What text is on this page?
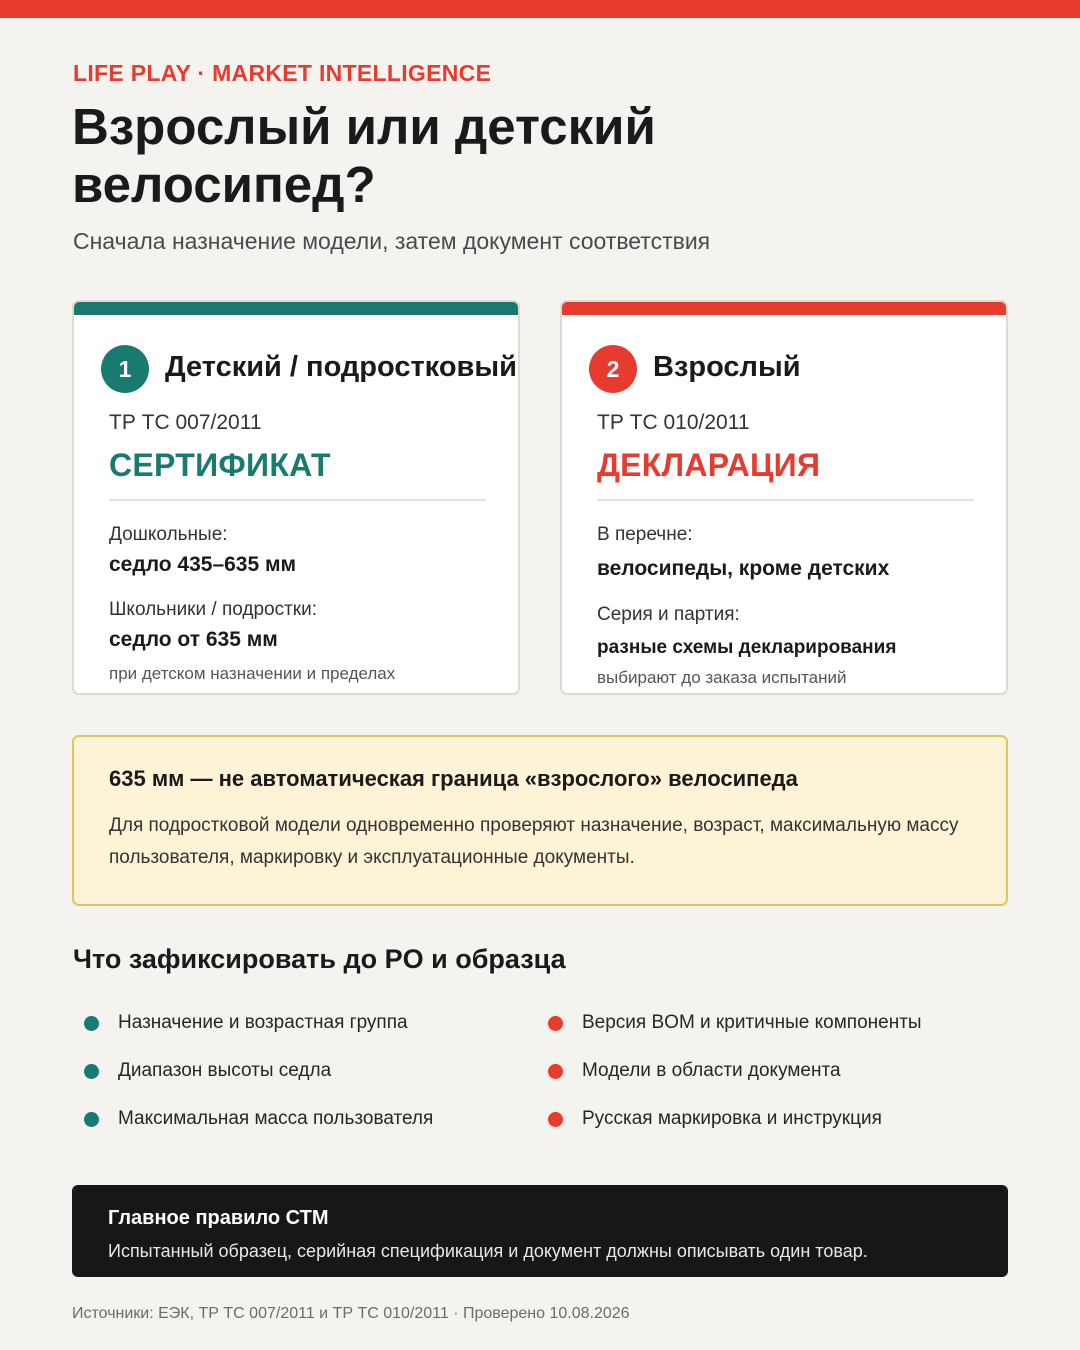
LIFE PLAY · MARKET INTELLIGENCE
Взрослый или детский велосипед?
Сначала назначение модели, затем документ соответствия
1	Детский / подростковый
ТР ТС 007/2011
СЕРТИФИКАТ
Дошкольные:
седло 435–635 мм
Школьники / подростки:
седло от 635 мм
при детском назначении и пределах
2	Взрослый
ТР ТС 010/2011
ДЕКЛАРАЦИЯ
В перечне:
велосипеды, кроме детских
Серия и партия:
разные схемы декларирования
выбирают до заказа испытаний
635 мм — не автоматическая граница «взрослого» велосипеда
Для подростковой модели одновременно проверяют назначение, возраст, максимальную массу пользователя, маркировку и эксплуатационные документы.
Что зафиксировать до PO и образца
Назначение и возрастная группа
Диапазон высоты седла
Максимальная масса пользователя
Версия BOM и критичные компоненты
Модели в области документа
Русская маркировка и инструкция
Главное правило СТМ
Испытанный образец, серийная спецификация и документ должны описывать один товар.
Источники: ЕЭК, ТР ТС 007/2011 и ТР ТС 010/2011 · Проверено 10.08.2026
